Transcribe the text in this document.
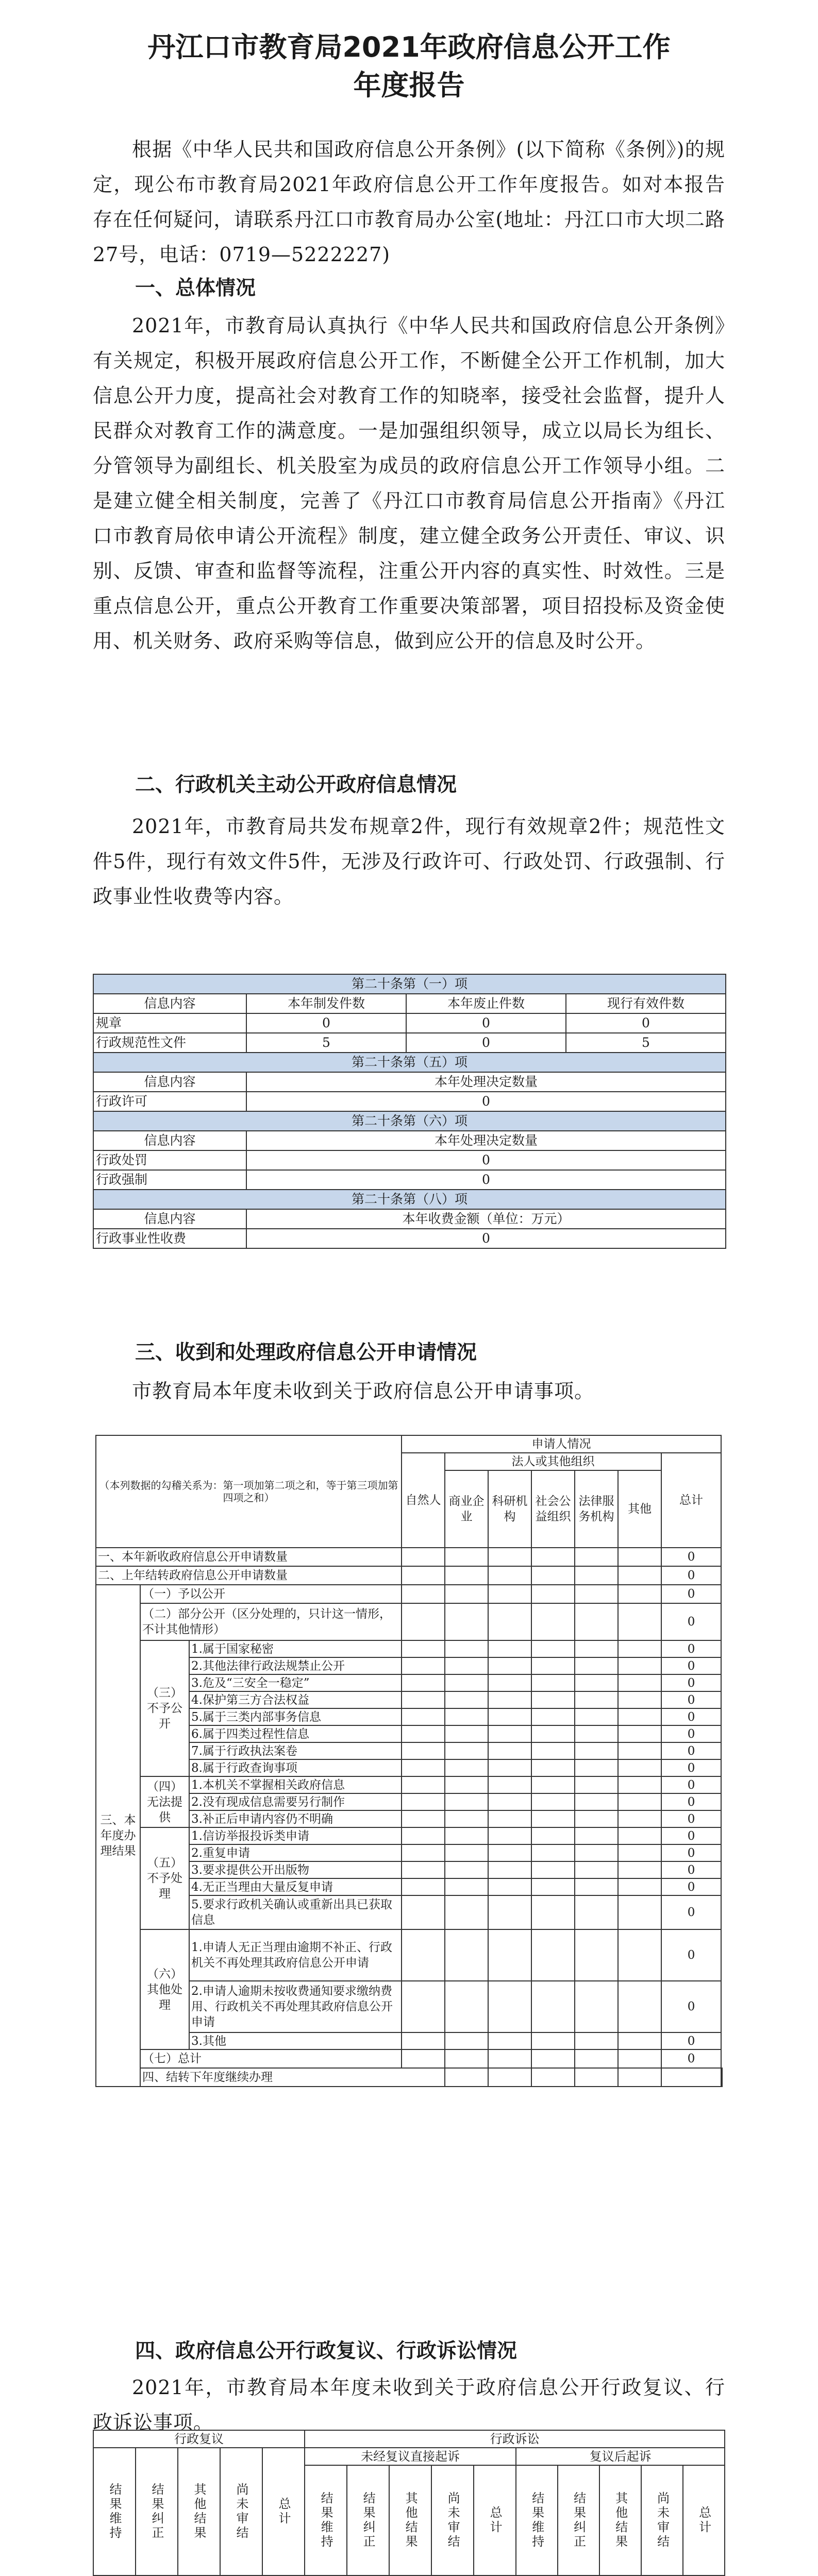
丹江口市教育局2021年政府信息公开工作
年度报告
根据《中华人民共和国政府信息公开条例》(以下简称《条例》)的规定，现公布市教育局2021年政府信息公开工作年度报告。如对本报告存在任何疑问，请联系丹江口市教育局办公室(地址：丹江口市大坝二路27号，电话：0719—5222227)
一、总体情况
2021年，市教育局认真执行《中华人民共和国政府信息公开条例》有关规定，积极开展政府信息公开工作，不断健全公开工作机制，加大信息公开力度，提高社会对教育工作的知晓率，接受社会监督，提升人民群众对教育工作的满意度。一是加强组织领导，成立以局长为组长、分管领导为副组长、机关股室为成员的政府信息公开工作领导小组。二是建立健全相关制度，完善了《丹江口市教育局信息公开指南》《丹江口市教育局依申请公开流程》制度，建立健全政务公开责任、审议、识别、反馈、审查和监督等流程，注重公开内容的真实性、时效性。三是重点信息公开，重点公开教育工作重要决策部署，项目招投标及资金使用、机关财务、政府采购等信息，做到应公开的信息及时公开。
二、行政机关主动公开政府信息情况
2021年，市教育局共发布规章2件，现行有效规章2件；规范性文件5件，现行有效文件5件，无涉及行政许可、行政处罚、行政强制、行政事业性收费等内容。
第二十条第（一）项			
信息内容	本年制发件数	本年废止件数	现行有效件数
规章	0	0	0
行政规范性文件	5	0	5
第二十条第（五）项			
信息内容	本年处理决定数量		
行政许可	0		
第二十条第（六）项			
信息内容	本年处理决定数量		
行政处罚	0		
行政强制	0		
第二十条第（八）项			
信息内容	本年收费金额（单位：万元）		
行政事业性收费	0		
三、收到和处理政府信息公开申请情况
市教育局本年度未收到关于政府信息公开申请事项。
（本列数据的勾稽关系为：第一项加第二项之和，等于第三项加第四项之和）			申请人情况							
			自然人	法人或其他组织					总计	
				商业企业	科研机构	社会公益组织	法律服务机构	其他		
一、本年新收政府信息公开申请数量									0	
二、上年结转政府信息公开申请数量									0	
三、本年度办理结果	（一）予以公开								0	
	（二）部分公开（区分处理的，只计这一情形，不计其他情形）								0	
	（三）不予公开	1.属于国家秘密							0	
		2.其他法律行政法规禁止公开							0	
		3.危及“三安全一稳定”							0	
		4.保护第三方合法权益							0	
		5.属于三类内部事务信息							0	
		6.属于四类过程性信息							0	
		7.属于行政执法案卷							0	
		8.属于行政查询事项							0	
	（四）无法提供	1.本机关不掌握相关政府信息							0	
		2.没有现成信息需要另行制作							0	
		3.补正后申请内容仍不明确							0	
	（五）不予处理	1.信访举报投诉类申请							0	
		2.重复申请							0	
		3.要求提供公开出版物							0	
		4.无正当理由大量反复申请							0	
		5.要求行政机关确认或重新出具已获取信息							0	
	（六）其他处理	1.申请人无正当理由逾期不补正、行政机关不再处理其政府信息公开申请							0	
		2.申请人逾期未按收费通知要求缴纳费用、行政机关不再处理其政府信息公开申请							0	
		3.其他							0	
	（七）总计								0	
	四、结转下年度继续办理							
四、政府信息公开行政复议、行政诉讼情况
2021年，市教育局本年度未收到关于政府信息公开行政复议、行政诉讼事项。
行政复议					行政诉讼									

结果维持	结果纠正	其他结果	尚未审结	总计	未经复议直接起诉					复议后起诉				

					结果维持	结果纠正	其他结果	尚未审结	总计	结果维持	结果纠正	其他结果	尚未审结	总计
